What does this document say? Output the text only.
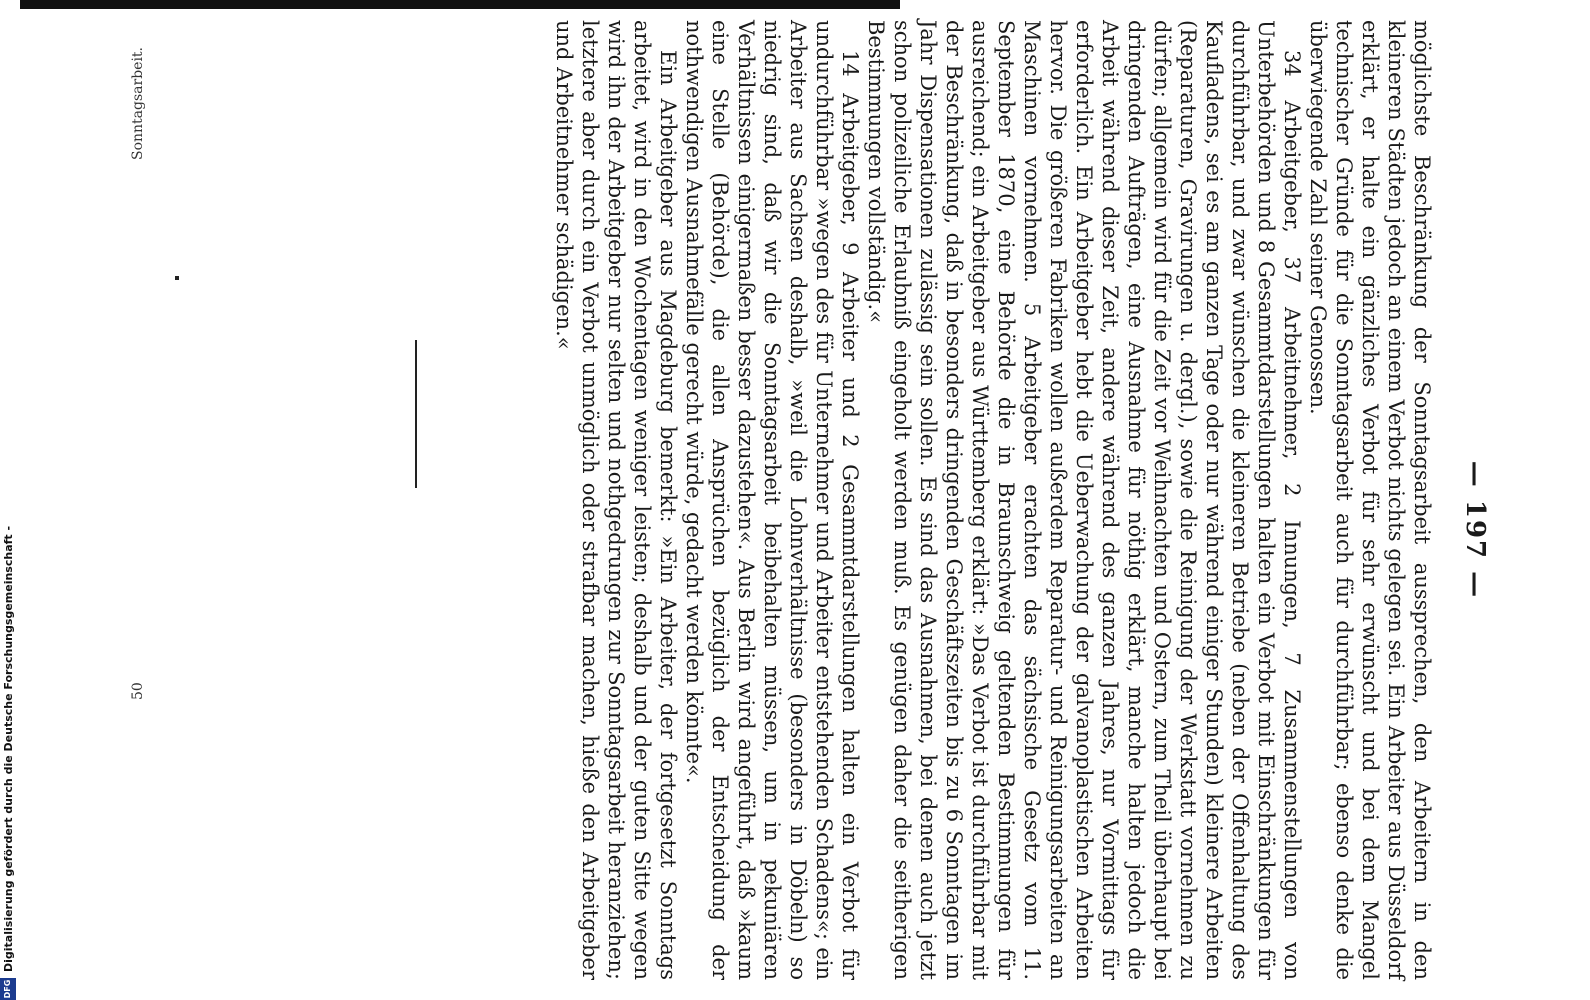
— 197 —

möglichste Beschränkung der Sonntagsarbeit aussprechen, den Arbeitern in den kleineren Städten jedoch an einem Verbot nichts gelegen sei. Ein Arbeiter aus Düsseldorf erklärt, er halte ein gänzliches Verbot für sehr erwünscht und bei dem Mangel technischer Gründe für die Sonntagsarbeit auch für durchführbar; ebenso denke die überwiegende Zahl seiner Genossen.

34 Arbeitgeber, 37 Arbeitnehmer, 2 Innungen, 7 Zusammenstellungen von Unterbehörden und 8 Gesammtdarstellungen halten ein Verbot mit Einschränkungen für durchführbar, und zwar wünschen die kleineren Betriebe (neben der Offenhaltung des Kaufladens, sei es am ganzen Tage oder nur während einiger Stunden) kleinere Arbeiten (Reparaturen, Gravirungen u. dergl.), sowie die Reinigung der Werkstatt vornehmen zu dürfen; allgemein wird für die Zeit vor Weihnachten und Ostern, zum Theil überhaupt bei dringenden Aufträgen, eine Ausnahme für nöthig erklärt, manche halten jedoch die Arbeit während dieser Zeit, andere während des ganzen Jahres, nur Vormittags für erforderlich. Ein Arbeitgeber hebt die Ueberwachung der galvanoplastischen Arbeiten hervor. Die größeren Fabriken wollen außerdem Reparatur- und Reinigungsarbeiten an Maschinen vornehmen. 5 Arbeitgeber erachten das sächsische Gesetz vom 11. September 1870, eine Behörde die in Braunschweig geltenden Bestimmungen für ausreichend; ein Arbeitgeber aus Württemberg erklärt: »Das Verbot ist durchführbar mit der Beschränkung, daß in besonders dringenden Geschäftszeiten bis zu 6 Sonntagen im Jahr Dispensationen zulässig sein sollen. Es sind das Ausnahmen, bei denen auch jetzt schon polizeiliche Erlaubniß eingeholt werden muß. Es genügen daher die seitherigen Bestimmungen vollständig.«

14 Arbeitgeber, 9 Arbeiter und 2 Gesammtdarstellungen halten ein Verbot für undurchführbar »wegen des für Unternehmer und Arbeiter entstehenden Schadens«; ein Arbeiter aus Sachsen deshalb, »weil die Lohnverhältnisse (besonders in Döbeln) so niedrig sind, daß wir die Sonntagsarbeit beibehalten müssen, um in pekuniären Verhältnissen einigermaßen besser dazustehen«. Aus Berlin wird angeführt, daß »kaum eine Stelle (Behörde), die allen Ansprüchen bezüglich der Entscheidung der nothwendigen Ausnahmefälle gerecht würde, gedacht werden könnte«.

Ein Arbeitgeber aus Magdeburg bemerkt: »Ein Arbeiter, der fortgesetzt Sonntags arbeitet, wird in den Wochentagen weniger leisten; deshalb und der guten Sitte wegen wird ihn der Arbeitgeber nur selten und nothgedrungen zur Sonntagsarbeit heranziehen; letztere aber durch ein Verbot unmöglich oder strafbar machen, hieße den Arbeitgeber und Arbeitnehmer schädigen.«

Sonntagsarbeit.
50
DFG
Digitalisierung gefördert durch die Deutsche Forschungsgemeinschaft -
